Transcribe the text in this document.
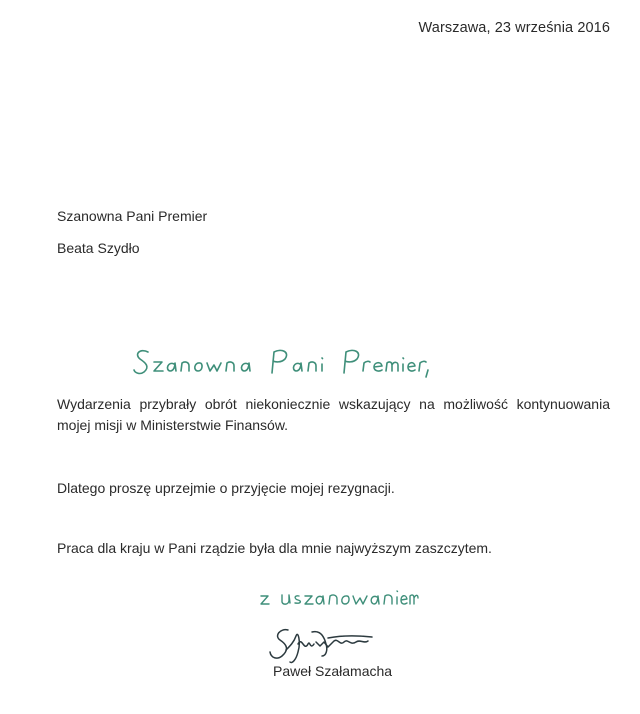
Warszawa, 23 września 2016
Szanowna Pani Premier
Beata Szydło
Wydarzenia przybrały obrót niekoniecznie wskazujący na możliwość kontynuowania mojej misji w Ministerstwie Finansów.
Dlatego proszę uprzejmie o przyjęcie mojej rezygnacji.
Praca dla kraju w Pani rządzie była dla mnie najwyższym zaszczytem.
Paweł Szałamacha
